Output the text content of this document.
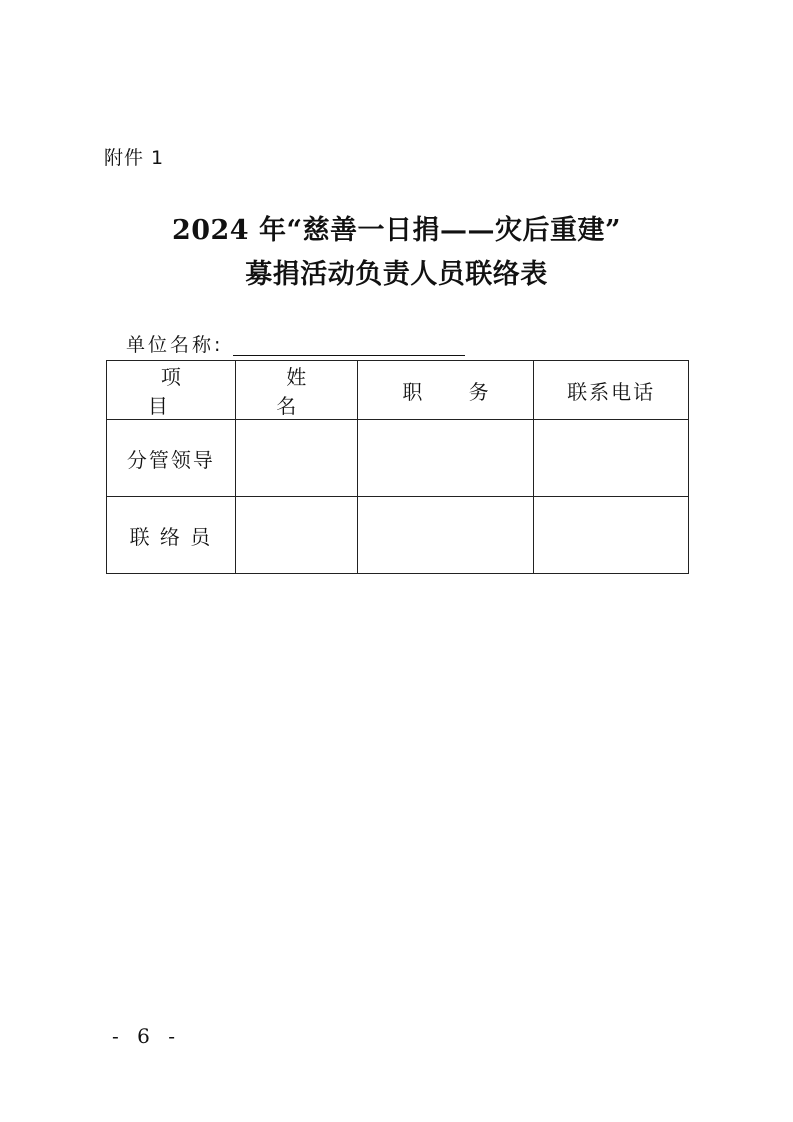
附件 1
2024 年“慈善一日捐——灾后重建”
募捐活动负责人员联络表
单位名称:
项 目	姓 名	职 务	联系电话
分管领导			
联 络 员			
- 6 -
